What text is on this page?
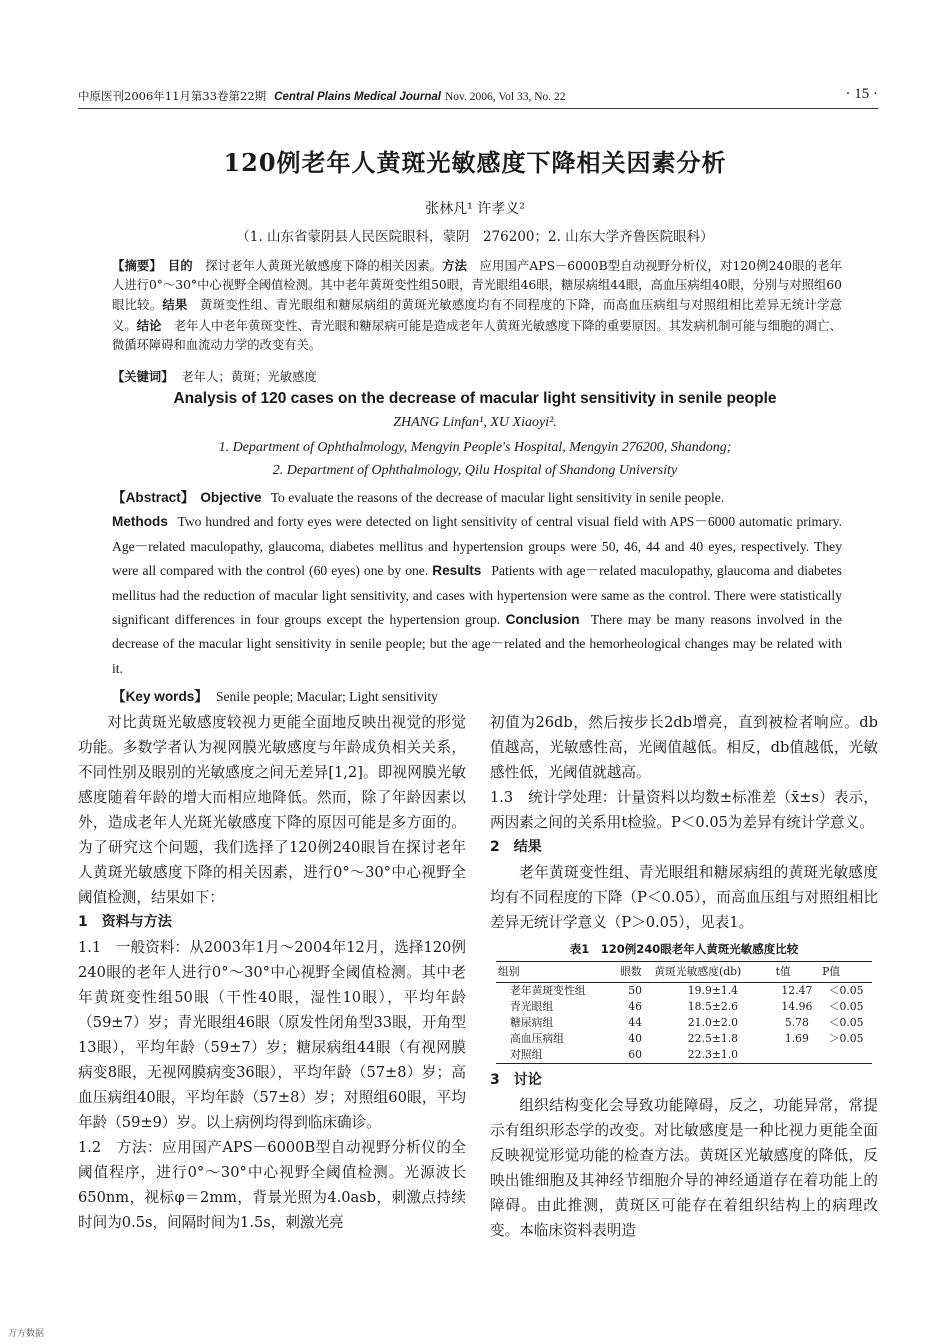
中原医刊2006年11月第33卷第22期 Central Plains Medical Journal Nov. 2006, Vol 33, No. 22	· 15 ·
120例老年人黄斑光敏感度下降相关因素分析
张林凡¹ 许孝义²
（1. 山东省蒙阴县人民医院眼科，蒙阴　276200；2. 山东大学齐鲁医院眼科）
【摘要】 目的　 探讨老年人黄斑光敏感度下降的相关因素。方法　 应用国产APS－6000B型自动视野分析仪，对120例240眼的老年人进行0°～30°中心视野全阈值检测。其中老年黄斑变性组50眼，青光眼组46眼，糖尿病组44眼，高血压病组40眼，分别与对照组60眼比较。结果　 黄斑变性组、青光眼组和糖尿病组的黄斑光敏感度均有不同程度的下降，而高血压病组与对照组相比差异无统计学意义。结论　 老年人中老年黄斑变性、青光眼和糖尿病可能是造成老年人黄斑光敏感度下降的重要原因。其发病机制可能与细胞的凋亡、微循环障碍和血流动力学的改变有关。
【关键词】 老年人；黄斑；光敏感度
Analysis of 120 cases on the decrease of macular light sensitivity in senile people
ZHANG Linfan¹, XU Xiaoyi².
1. Department of Ophthalmology, Mengyin People's Hospital, Mengyin 276200, Shandong;
2. Department of Ophthalmology, Qilu Hospital of Shandong University
【Abstract】 Objective To evaluate the reasons of the decrease of macular light sensitivity in senile people.
Methods Two hundred and forty eyes were detected on light sensitivity of central visual field with APS－6000 automatic primary. Age－related maculopathy, glaucoma, diabetes mellitus and hypertension groups were 50, 46, 44 and 40 eyes, respectively. They were all compared with the control (60 eyes) one by one. Results Patients with age－related maculopathy, glaucoma and diabetes mellitus had the reduction of macular light sensitivity, and cases with hypertension were same as the control. There were statistically significant differences in four groups except the hypertension group. Conclusion There may be many reasons involved in the decrease of the macular light sensitivity in senile people; but the age－related and the hemorheological changes may be related with it.
【Key words】 Senile people; Macular; Light sensitivity

对比黄斑光敏感度较视力更能全面地反映出视觉的形觉功能。多数学者认为视网膜光敏感度与年龄成负相关关系，不同性别及眼别的光敏感度之间无差异[1,2]。即视网膜光敏感度随着年龄的增大而相应地降低。然而，除了年龄因素以外，造成老年人光斑光敏感度下降的原因可能是多方面的。为了研究这个问题，我们选择了120例240眼旨在探讨老年人黄斑光敏感度下降的相关因素，进行0°～30°中心视野全阈值检测，结果如下：

1　资料与方法

1.1　一般资料：从2003年1月～2004年12月，选择120例240眼的老年人进行0°～30°中心视野全阈值检测。其中老年黄斑变性组50眼（干性40眼，湿性10眼），平均年龄（59±7）岁；青光眼组46眼（原发性闭角型33眼，开角型13眼），平均年龄（59±7）岁；糖尿病组44眼（有视网膜病变8眼，无视网膜病变36眼），平均年龄（57±8）岁；高血压病组40眼，平均年龄（57±8）岁；对照组60眼，平均年龄（59±9）岁。以上病例均得到临床确诊。

1.2　方法：应用国产APS－6000B型自动视野分析仪的全阈值程序，进行0°～30°中心视野全阈值检测。光源波长650nm，视标φ＝2mm，背景光照为4.0asb，刺激点持续时间为0.5s，间隔时间为1.5s，刺激光亮

初值为26db，然后按步长2db增亮，直到被检者响应。db值越高，光敏感性高，光阈值越低。相反，db值越低，光敏感性低，光阈值就越高。

1.3　统计学处理：计量资料以均数±标准差（x̄±s）表示，两因素之间的关系用t检验。P＜0.05为差异有统计学意义。

2　结果

老年黄斑变性组、青光眼组和糖尿病组的黄斑光敏感度均有不同程度的下降（P＜0.05），而高血压组与对照组相比差异无统计学意义（P＞0.05），见表1。

表1　120例240眼老年人黄斑光敏感度比较
组别	眼数	黄斑光敏感度(db)	t值	P值
老年黄斑变性组	50	19.9±1.4	12.47	＜0.05
青光眼组	46	18.5±2.6	14.96	＜0.05
糖尿病组	44	21.0±2.0	5.78	＜0.05
高血压病组	40	22.5±1.8	1.69	＞0.05
对照组	60	22.3±1.0		

3　讨论

组织结构变化会导致功能障碍，反之，功能异常，常提示有组织形态学的改变。对比敏感度是一种比视力更能全面反映视觉形觉功能的检查方法。黄斑区光敏感度的降低，反映出锥细胞及其神经节细胞介导的神经通道存在着功能上的障碍。由此推测，黄斑区可能存在着组织结构上的病理改变。本临床资料表明造

万方数据
